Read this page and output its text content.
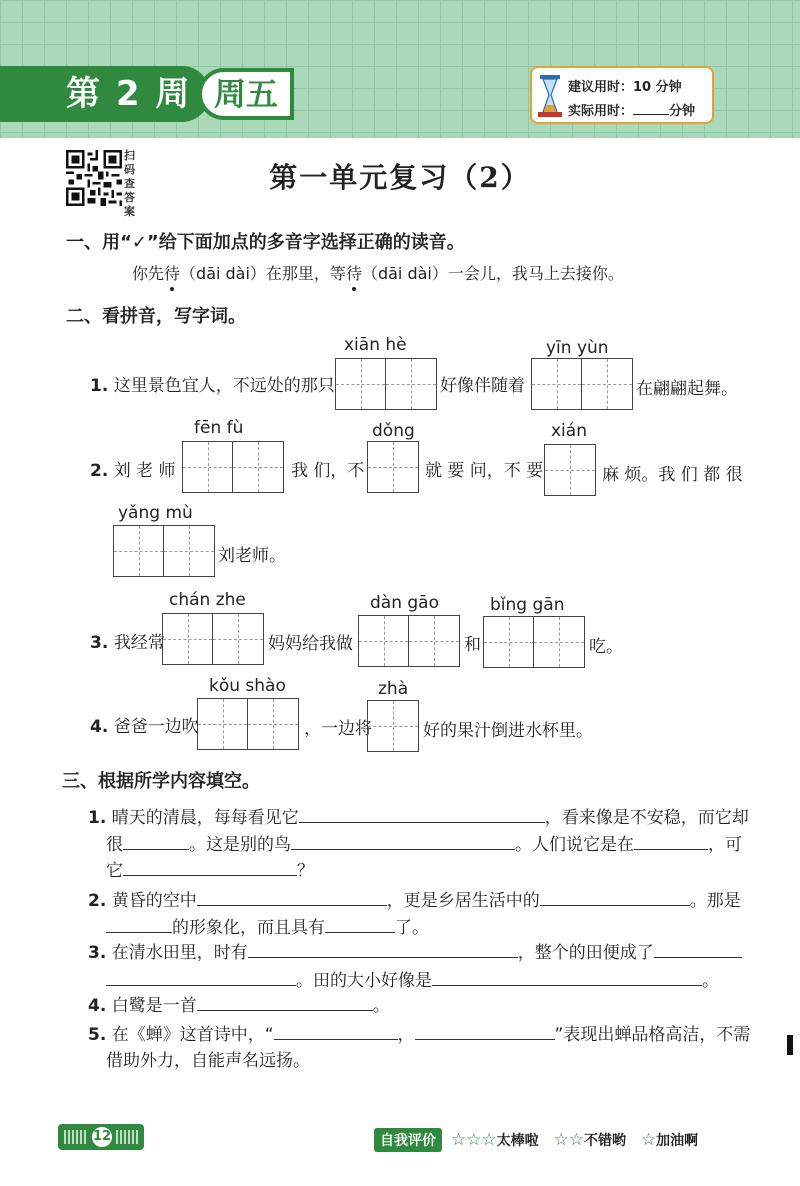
第 2 周 周五	建议用时：10 分钟
实际用时：	分钟
扫码查答案
第一单元复习（2）
一、用“✓”给下面加点的多音字选择正确的读音。
你先待（dāi dài）在那里，等待（dāi dài）一会儿，我马上去接你。
二、看拼音，写字词。
xiān hè	yīn yùn
1. 这里景色宜人，不远处的那只	好像伴随着	在翩翩起舞。
fēn fù	dǒng	xián
2. 刘 老 师	我 们，不	就 要 问，不 要	麻 烦。我 们 都 很
yǎng mù
刘老师。
chán zhe	dàn gāo	bǐng gān
3. 我经常	妈妈给我做	和	吃。
kǒu shào	zhà
4. 爸爸一边吹	，一边将	好的果汁倒进水杯里。
三、根据所学内容填空。
1. 晴天的清晨，每每看见它	，看来像是不安稳，而它却
很	。这是别的鸟	。人们说它是在	，可
它	？
2. 黄昏的空中	，更是乡居生活中的	。那是
的形象化，而且具有	了。
3. 在清水田里，时有	，整个的田便成了
。田的大小好像是	。
4. 白鹭是一首	。
5. 在《蝉》这首诗中，“	，	”表现出蝉品格高洁，不需
借助外力，自能声名远扬。
12	自我评价 ☆☆☆太棒啦 ☆☆不错哟 ☆加油啊
